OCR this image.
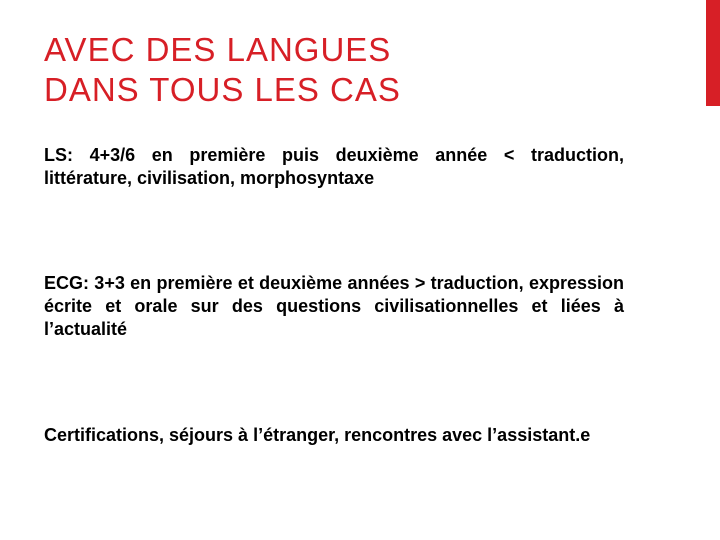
AVEC DES LANGUES
DANS TOUS LES CAS

LS: 4+3/6 en première puis deuxième année < traduction, littérature, civilisation, morphosyntaxe

ECG: 3+3 en première et deuxième années > traduction, expression écrite et orale sur des questions civilisationnelles et liées à l’actualité

Certifications, séjours à l’étranger, rencontres avec l’assistant.e
